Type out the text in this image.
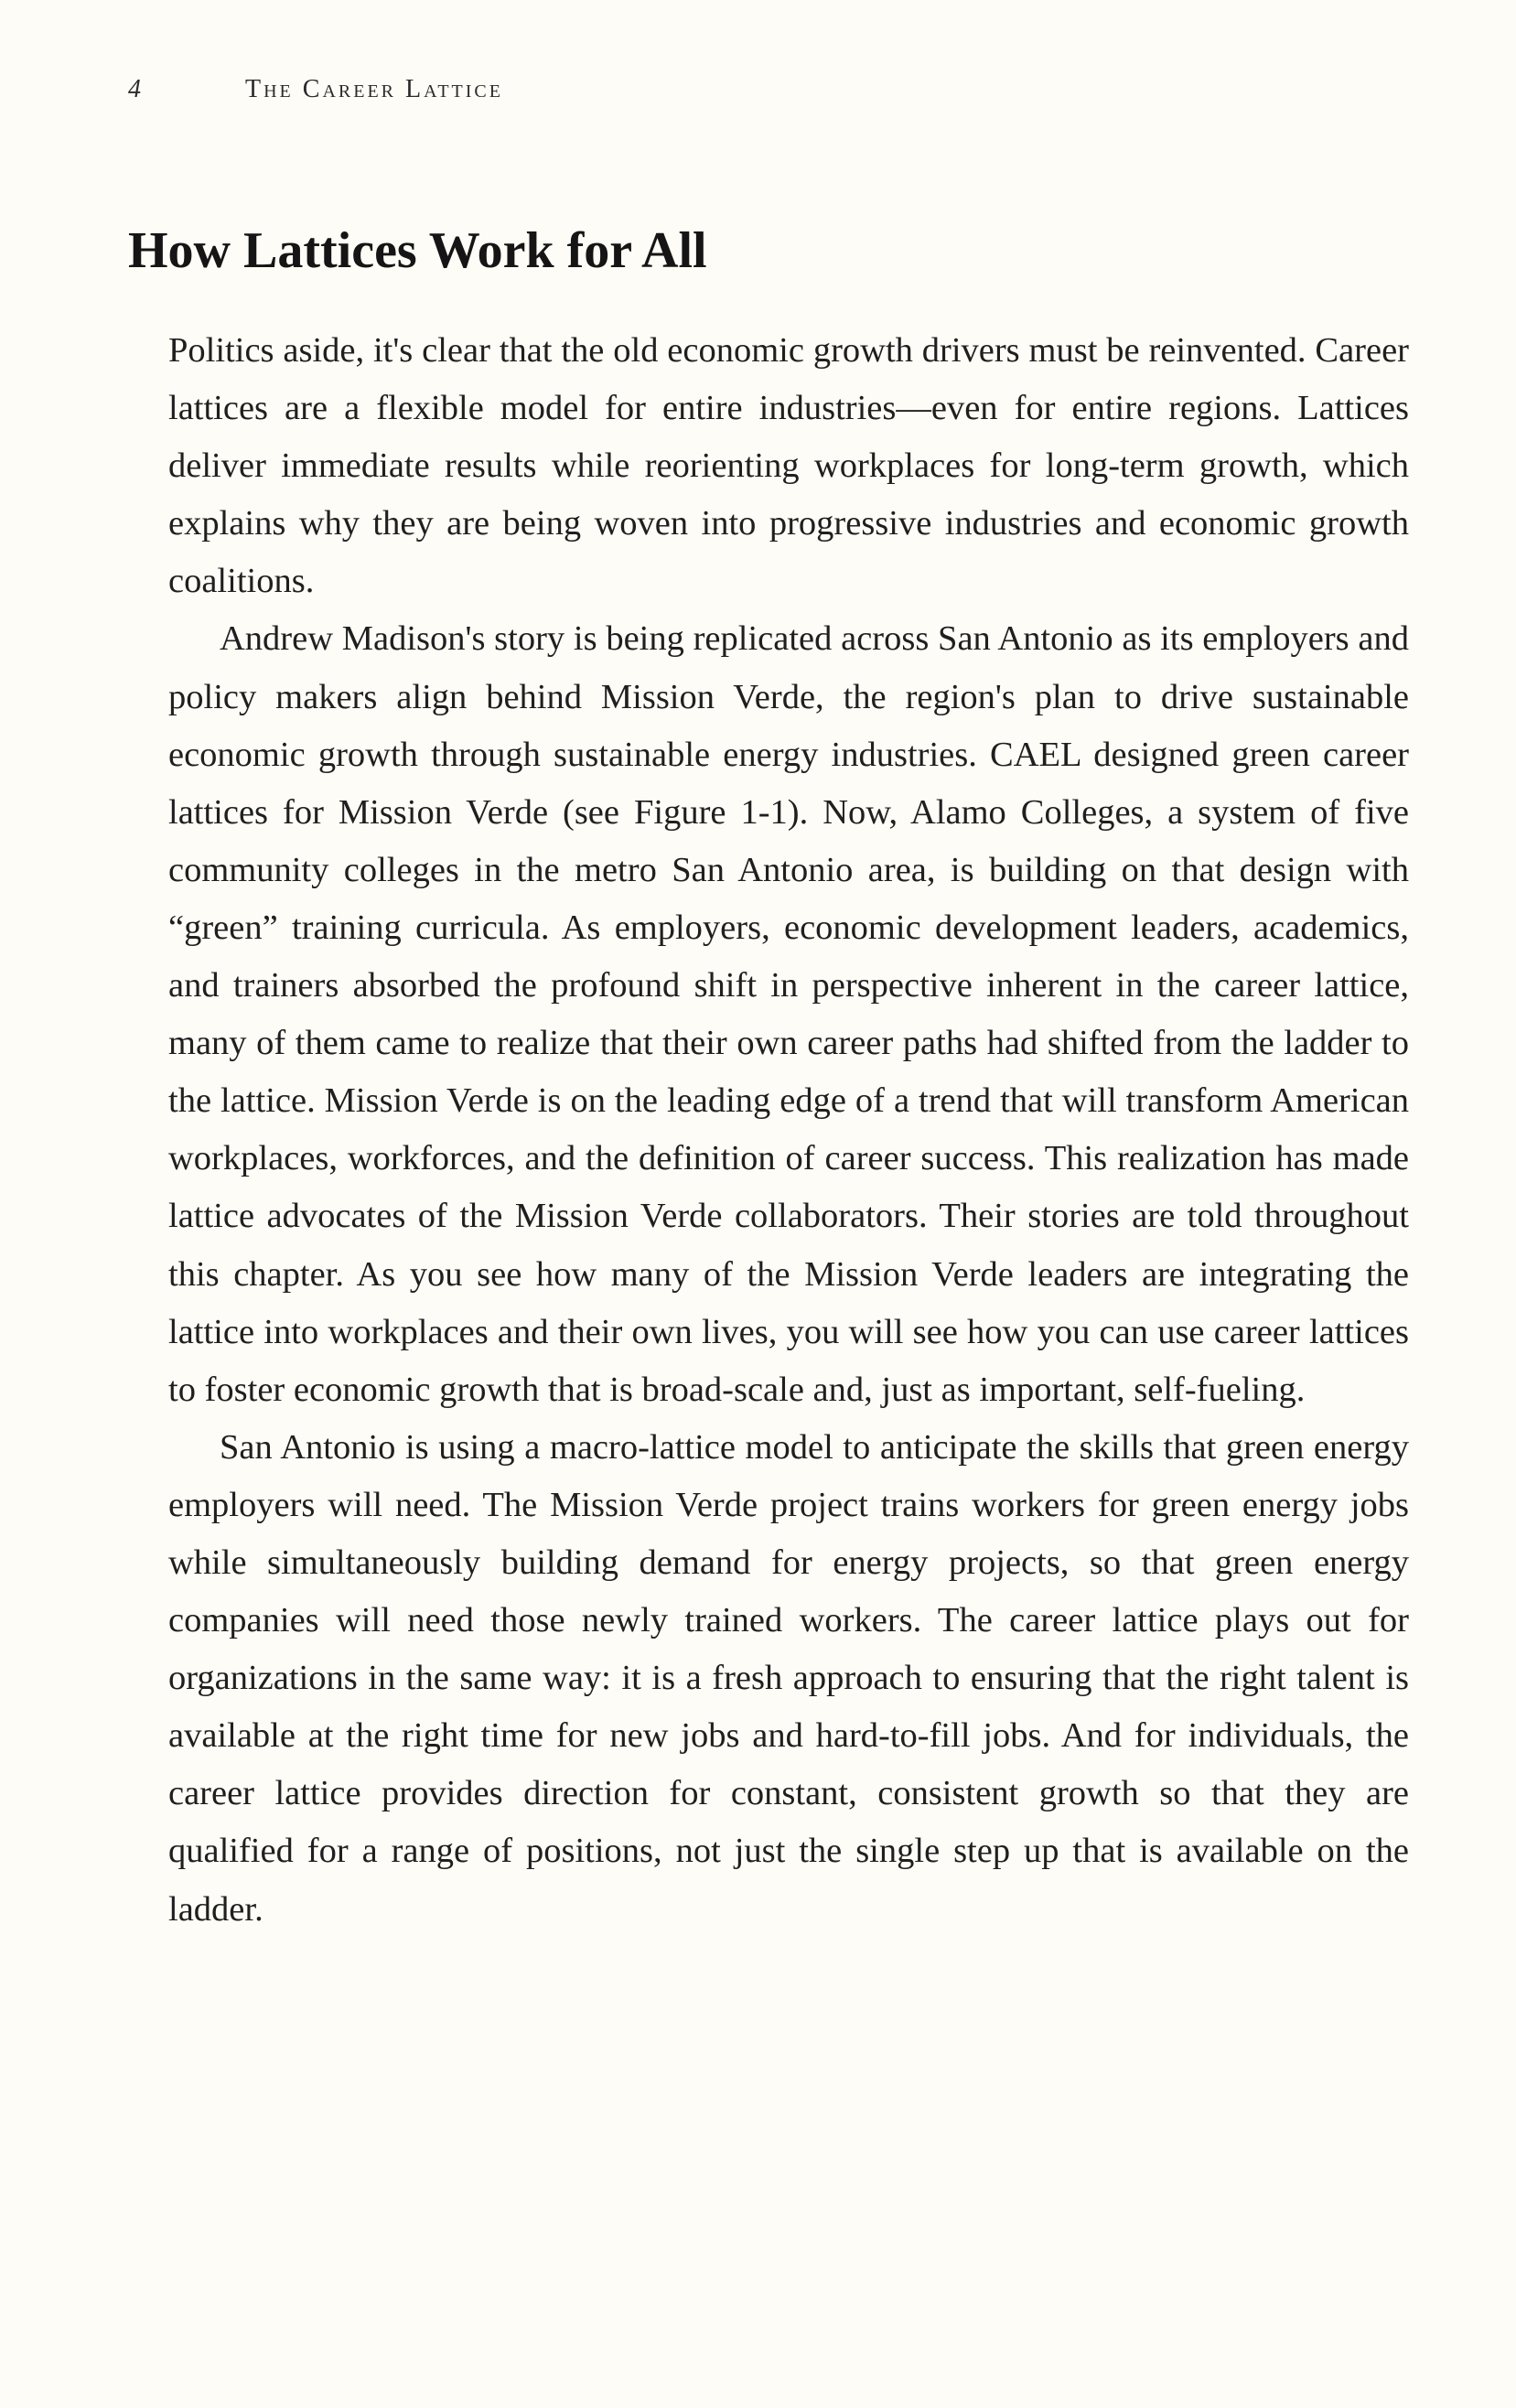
4	The Career Lattice
How Lattices Work for All

Politics aside, it's clear that the old economic growth drivers must be reinvented. Career lattices are a flexible model for entire industries—even for entire regions. Lattices deliver immediate results while reorienting workplaces for long-term growth, which explains why they are being woven into progressive industries and economic growth coalitions.

Andrew Madison's story is being replicated across San Antonio as its employers and policy makers align behind Mission Verde, the region's plan to drive sustainable economic growth through sustainable energy industries. CAEL designed green career lattices for Mission Verde (see Figure 1-1). Now, Alamo Colleges, a system of five community colleges in the metro San Antonio area, is building on that design with “green” training curricula. As employers, economic development leaders, academics, and trainers absorbed the profound shift in perspective inherent in the career lattice, many of them came to realize that their own career paths had shifted from the ladder to the lattice. Mission Verde is on the leading edge of a trend that will transform American workplaces, workforces, and the definition of career success. This realization has made lattice advocates of the Mission Verde collaborators. Their stories are told throughout this chapter. As you see how many of the Mission Verde leaders are integrating the lattice into workplaces and their own lives, you will see how you can use career lattices to foster economic growth that is broad-scale and, just as important, self-fueling.

San Antonio is using a macro-lattice model to anticipate the skills that green energy employers will need. The Mission Verde project trains workers for green energy jobs while simultaneously building demand for energy projects, so that green energy companies will need those newly trained workers. The career lattice plays out for organizations in the same way: it is a fresh approach to ensuring that the right talent is available at the right time for new jobs and hard-to-fill jobs. And for individuals, the career lattice provides direction for constant, consistent growth so that they are qualified for a range of positions, not just the single step up that is available on the ladder.
